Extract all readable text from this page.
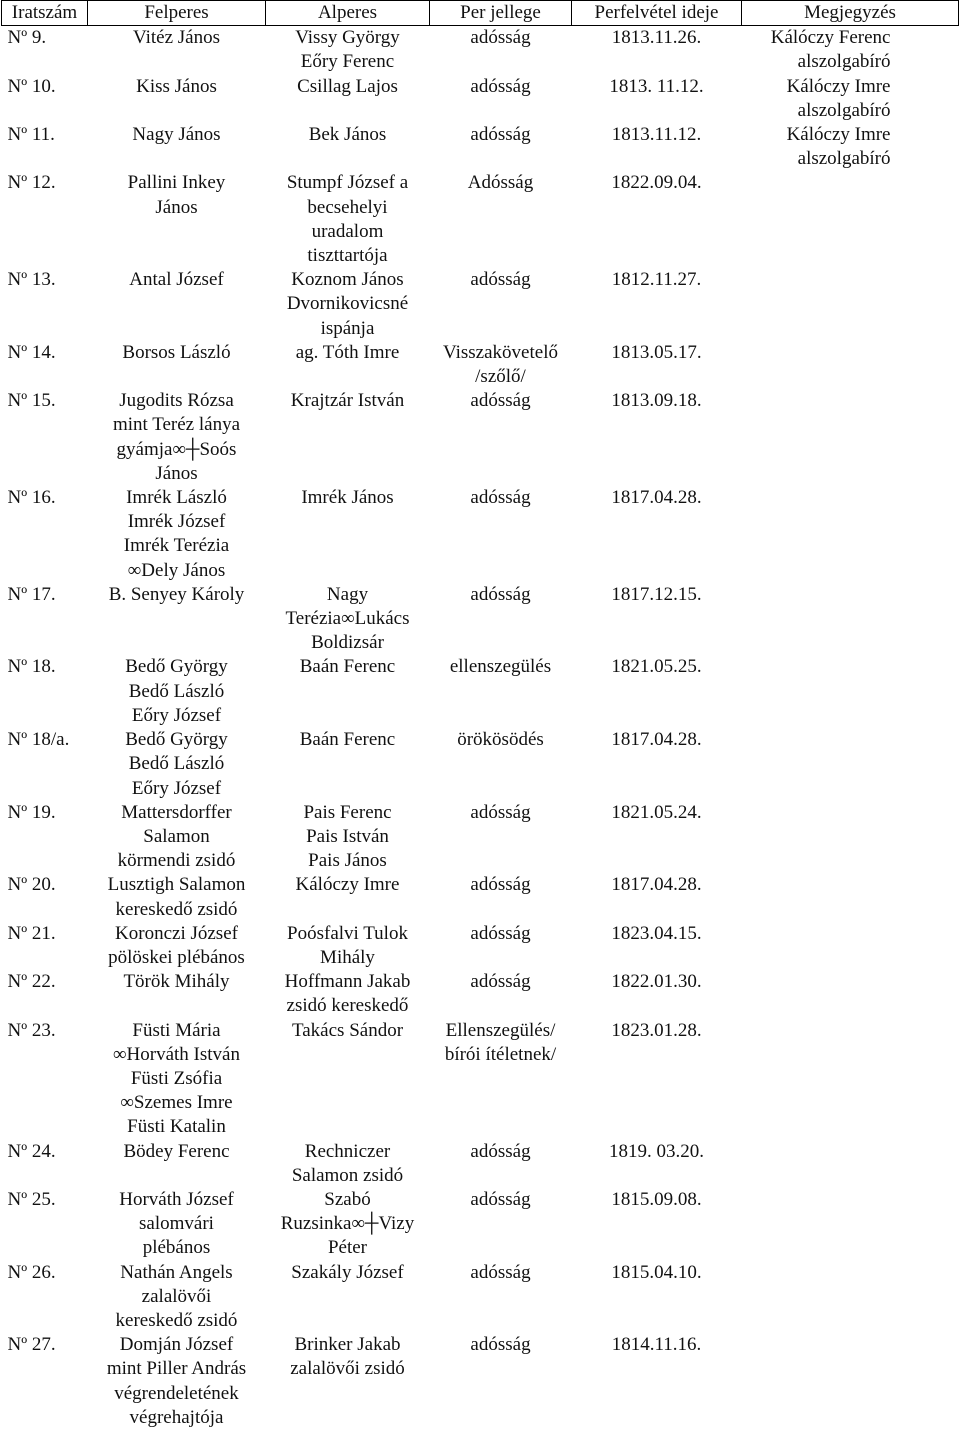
Iratszám	Felperes	Alperes	Per jellege	Perfelvétel ideje	Megjegyzés
Nº 9.	Vitéz János	Vissy György
Eőry Ferenc	adósság	1813.11.26.	Kálóczy Ferenc
alszolgabíró

Nº 10.	Kiss János	Csillag Lajos	adósság	1813. 11.12.	Kálóczy Imre
alszolgabíró

Nº 11.	Nagy János	Bek János	adósság	1813.11.12.	Kálóczy Imre
alszolgabíró

Nº 12.	Pallini Inkey
János	Stumpf József a
becsehelyi
uradalom
tiszttartója	Adósság	1822.09.04.	
Nº 13.	Antal József	Koznom János
Dvornikovicsné
ispánja	adósság	1812.11.27.	
Nº 14.	Borsos László	ag. Tóth Imre	Visszakövetelő
/szőlő/	1813.05.17.	
Nº 15.	Jugodits Rózsa
mint Teréz lánya
gyámja∞┼Soós
János	Krajtzár István	adósság	1813.09.18.	
Nº 16.	Imrék László
Imrék József
Imrék Terézia
∞Dely János	Imrék János	adósság	1817.04.28.	
Nº 17.	B. Senyey Károly	Nagy
Terézia∞Lukács
Boldizsár	adósság	1817.12.15.	
Nº 18.	Bedő György
Bedő László
Eőry József	Baán Ferenc	ellenszegülés	1821.05.25.	
Nº 18/a.	Bedő György
Bedő László
Eőry József	Baán Ferenc	örökösödés	1817.04.28.	
Nº 19.	Mattersdorffer
Salamon
körmendi zsidó	Pais Ferenc
Pais István
Pais János	adósság	1821.05.24.	
Nº 20.	Lusztigh Salamon
kereskedő zsidó	Kálóczy Imre	adósság	1817.04.28.	
Nº 21.	Koronczi József
pölöskei plébános	Poósfalvi Tulok
Mihály	adósság	1823.04.15.	
Nº 22.	Török Mihály	Hoffmann Jakab
zsidó kereskedő	adósság	1822.01.30.	
Nº 23.	Füsti Mária
∞Horváth István
Füsti Zsófia
∞Szemes Imre
Füsti Katalin	Takács Sándor	Ellenszegülés/
bírói ítéletnek/	1823.01.28.	
Nº 24.	Bödey Ferenc	Rechniczer
Salamon zsidó	adósság	1819. 03.20.	
Nº 25.	Horváth József
salomvári
plébános	Szabó
Ruzsinka∞┼Vizy
Péter	adósság	1815.09.08.	
Nº 26.	Nathán Angels
zalalövői
kereskedő zsidó	Szakály József	adósság	1815.04.10.	
Nº 27.	Domján József
mint Piller András
végrendeletének
végrehajtója	Brinker Jakab
zalalövői zsidó	adósság	1814.11.16.	
